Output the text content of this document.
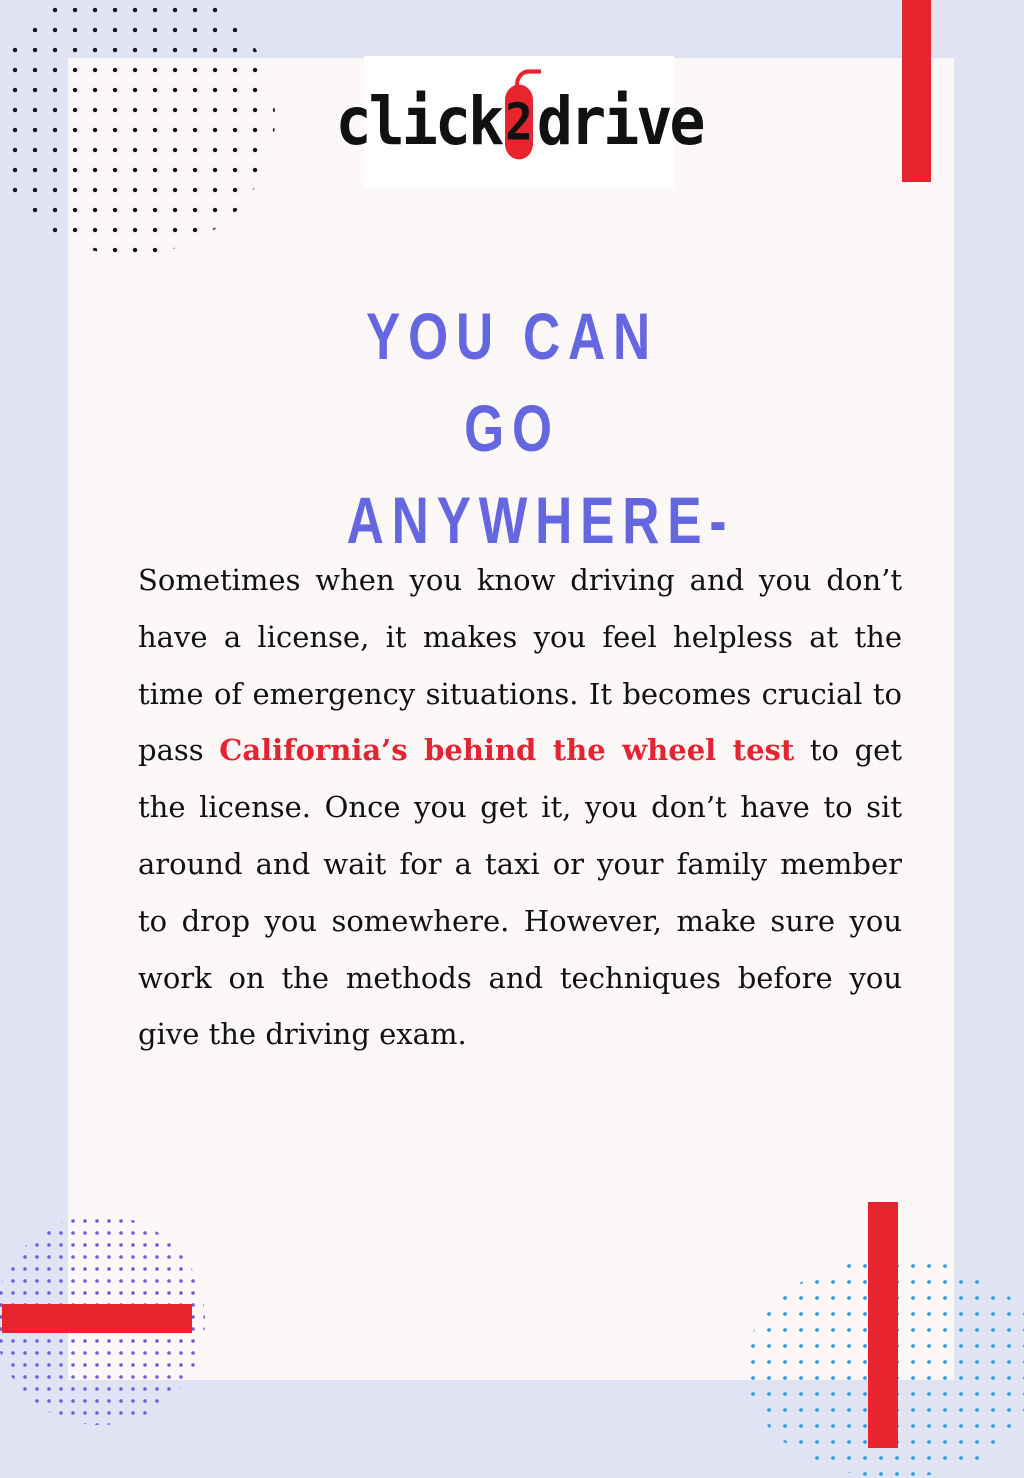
click 2 drive
YOU CAN GO
ANYWHERE-
Sometimes when you know driving and you don’t have a license, it makes you feel helpless at the time of emergency situations. It becomes crucial to pass California’s behind the wheel test to get the license. Once you get it, you don’t have to sit around and wait for a taxi or your family member to drop you somewhere. However, make sure you work on the methods and techniques before you give the driving exam.
